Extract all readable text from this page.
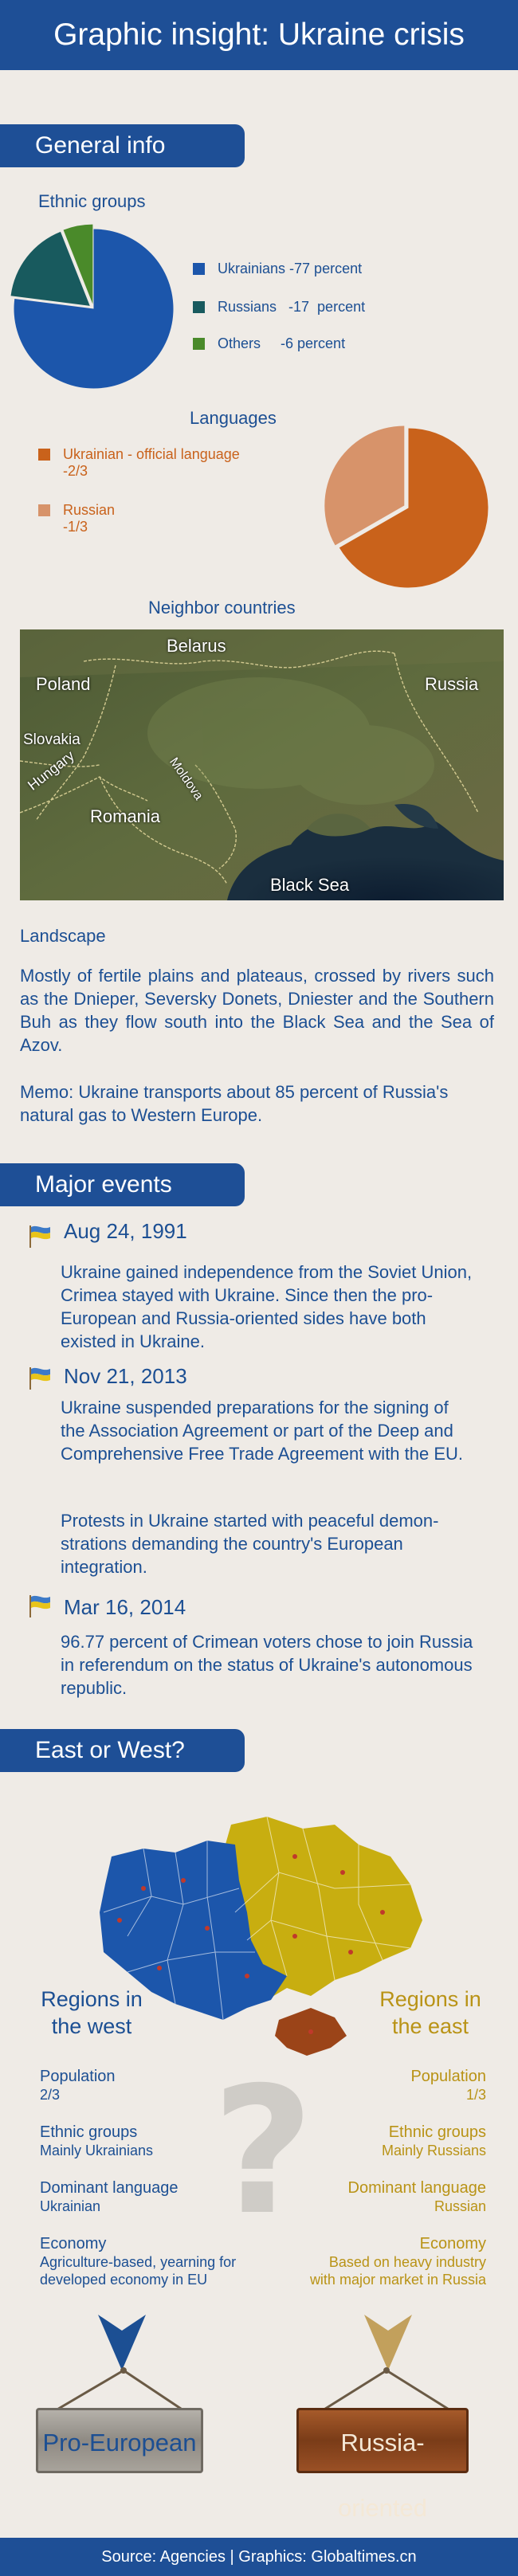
Graphic insight: Ukraine crisis
General info
Ethnic groups
Ukrainians -77 percent
Russians   -17  percent
Others     -6 percent
Languages
Ukrainian - official language
-2/3
Russian
-1/3
Neighbor countries
Belarus
Poland	Russia
Slovakia
Hungary	Moldova
Romania
Black Sea
Landscape
Mostly of fertile plains and plateaus, crossed by rivers such as the Dnieper, Seversky Donets, Dniester and the Southern Buh as they flow south into the Black Sea and the Sea of Azov.
Memo: Ukraine transports about 85 percent of Russia's natural gas to Western Europe.
Major events
Aug 24, 1991
Ukraine gained independence from the Soviet Union, Crimea stayed with Ukraine. Since then the pro-European and Russia-oriented sides have both existed in Ukraine.
Nov 21, 2013
Ukraine suspended preparations for the signing of the Association Agreement or part of the Deep and Comprehensive Free Trade Agreement with the EU.
Protests in Ukraine started with peaceful demon-strations demanding the country's European integration.
Mar 16, 2014
96.77 percent of Crimean voters chose to join Russia in referendum on the status of Ukraine's autonomous republic.
East or West?
Regions in
the west
Regions in
the east
?
Population
2/3
Ethnic groups
Mainly Ukrainians
Dominant language
Ukrainian
Economy
Agriculture-based, yearning for
developed economy in EU
Population
1/3
Ethnic groups
Mainly Russians
Dominant language
Russian
Economy
Based on heavy industry
with major market in Russia
Pro-European	Russia-oriented
Source: Agencies | Graphics: Globaltimes.cn
